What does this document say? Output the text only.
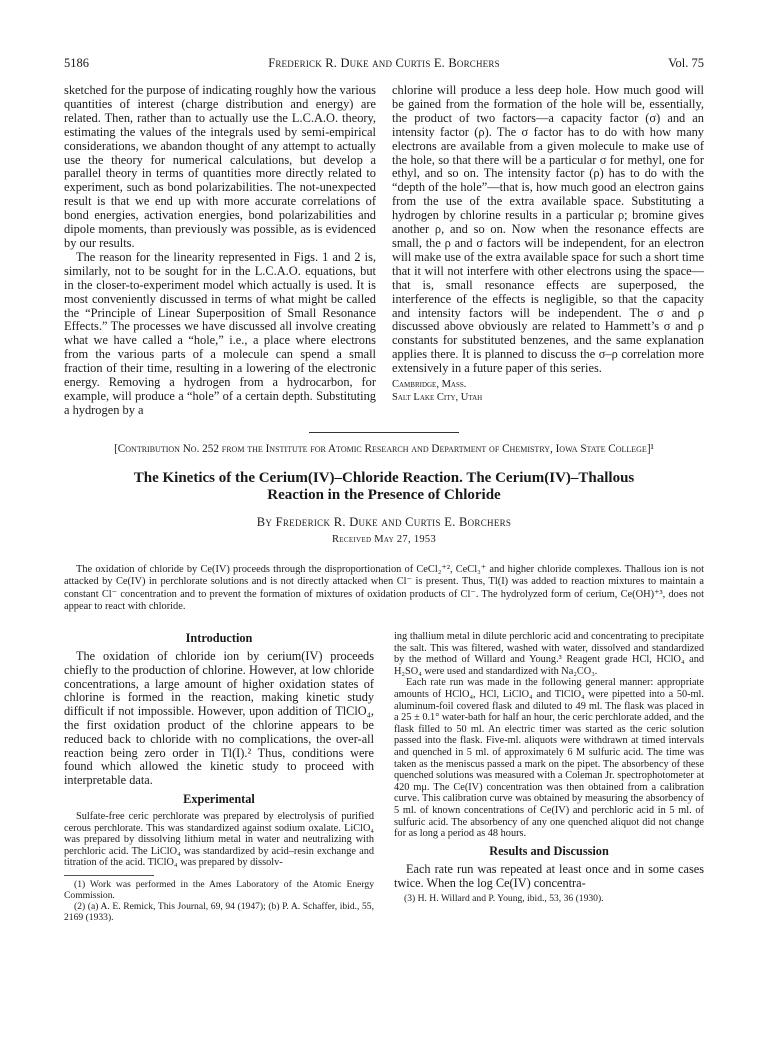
5186	Frederick R. Duke and Curtis E. Borchers	Vol. 75

sketched for the purpose of indicating roughly how the various quantities of interest (charge distribution and energy) are related. Then, rather than to actually use the L.C.A.O. theory, estimating the values of the integrals used by semi-empirical considerations, we abandon thought of any attempt to actually use the theory for numerical calculations, but develop a parallel theory in terms of quantities more directly related to experiment, such as bond polarizabilities. The not-unexpected result is that we end up with more accurate correlations of bond energies, activation energies, bond polarizabilities and dipole moments, than previously was possible, as is evidenced by our results.

The reason for the linearity represented in Figs. 1 and 2 is, similarly, not to be sought for in the L.C.A.O. equations, but in the closer-to-experiment model which actually is used. It is most conveniently discussed in terms of what might be called the “Principle of Linear Superposition of Small Resonance Effects.” The processes we have discussed all involve creating what we have called a “hole,” i.e., a place where electrons from the various parts of a molecule can spend a small fraction of their time, resulting in a lowering of the electronic energy. Removing a hydrogen from a hydrocarbon, for example, will produce a “hole” of a certain depth. Substituting a hydrogen by a

chlorine will produce a less deep hole. How much good will be gained from the formation of the hole will be, essentially, the product of two factors—a capacity factor (σ) and an intensity factor (ρ). The σ factor has to do with how many electrons are available from a given molecule to make use of the hole, so that there will be a particular σ for methyl, one for ethyl, and so on. The intensity factor (ρ) has to do with the “depth of the hole”—that is, how much good an electron gains from the use of the extra available space. Substituting a hydrogen by chlorine results in a particular ρ; bromine gives another ρ, and so on. Now when the resonance effects are small, the ρ and σ factors will be independent, for an electron will make use of the extra available space for such a short time that it will not interfere with other electrons using the space—that is, small resonance effects are superposed, the interference of the effects is negligible, so that the capacity and intensity factors will be independent. The σ and ρ discussed above obviously are related to Hammett’s σ and ρ constants for substituted benzenes, and the same explanation applies there. It is planned to discuss the σ–ρ correlation more extensively in a future paper of this series.

Cambridge, Mass.
Salt Lake City, Utah
[Contribution No. 252 from the Institute for Atomic Research and Department of Chemistry, Iowa State College]¹
The Kinetics of the Cerium(IV)–Chloride Reaction. The Cerium(IV)–Thallous
Reaction in the Presence of Chloride
By Frederick R. Duke and Curtis E. Borchers
Received May 27, 1953

The oxidation of chloride by Ce(IV) proceeds through the disproportionation of CeCl₂⁺², CeCl₃⁺ and higher chloride complexes. Thallous ion is not attacked by Ce(IV) in perchlorate solutions and is not directly attacked when Cl⁻ is present. Thus, Tl(I) was added to reaction mixtures to maintain a constant Cl⁻ concentration and to prevent the formation of mixtures of oxidation products of Cl⁻. The hydrolyzed form of cerium, Ce(OH)⁺³, does not appear to react with chloride.

Introduction

The oxidation of chloride ion by cerium(IV) proceeds chiefly to the production of chlorine. However, at low chloride concentrations, a large amount of higher oxidation states of chlorine is formed in the reaction, making kinetic study difficult if not impossible. However, upon addition of TlClO₄, the first oxidation product of the chlorine appears to be reduced back to chloride with no complications, the over-all reaction being zero order in Tl(I).² Thus, conditions were found which allowed the kinetic study to proceed with interpretable data.

Experimental

Sulfate-free ceric perchlorate was prepared by electrolysis of purified cerous perchlorate. This was standardized against sodium oxalate. LiClO₄ was prepared by dissolving lithium metal in water and neutralizing with perchloric acid. The LiClO₄ was standardized by acid–resin exchange and titration of the acid. TlClO₄ was prepared by dissolv-

(1) Work was performed in the Ames Laboratory of the Atomic Energy Commission.

(2) (a) A. E. Remick, This Journal, 69, 94 (1947); (b) P. A. Schaffer, ibid., 55, 2169 (1933).

ing thallium metal in dilute perchloric acid and concentrating to precipitate the salt. This was filtered, washed with water, dissolved and standardized by the method of Willard and Young.³ Reagent grade HCl, HClO₄ and H₂SO₄ were used and standardized with Na₂CO₃.

Each rate run was made in the following general manner: appropriate amounts of HClO₄, HCl, LiClO₄ and TlClO₄ were pipetted into a 50-ml. aluminum-foil covered flask and diluted to 49 ml. The flask was placed in a 25 ± 0.1° water-bath for half an hour, the ceric perchlorate added, and the flask filled to 50 ml. An electric timer was started as the ceric solution passed into the flask. Five-ml. aliquots were withdrawn at timed intervals and quenched in 5 ml. of approximately 6 M sulfuric acid. The time was taken as the meniscus passed a mark on the pipet. The absorbency of these quenched solutions was measured with a Coleman Jr. spectrophotometer at 420 mμ. The Ce(IV) concentration was then obtained from a calibration curve. This calibration curve was obtained by measuring the absorbency of 5 ml. of known concentrations of Ce(IV) and perchloric acid in 5 ml. of sulfuric acid. The absorbency of any one quenched aliquot did not change for as long a period as 48 hours.

Results and Discussion

Each rate run was repeated at least once and in some cases twice. When the log Ce(IV) concentra-

(3) H. H. Willard and P. Young, ibid., 53, 36 (1930).
